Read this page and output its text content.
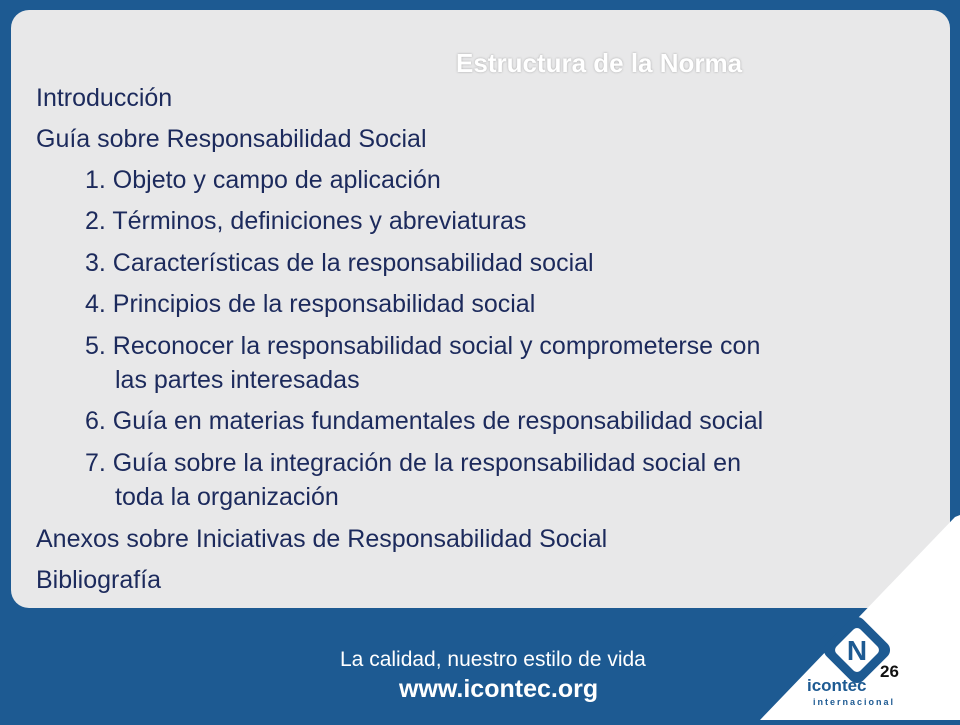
Estructura de la Norma

Introducción

Guía sobre Responsabilidad Social

1. Objeto y campo de aplicación

2. Términos, definiciones y abreviaturas

3. Características de la responsabilidad social

4. Principios de la responsabilidad social

5. Reconocer la responsabilidad social y comprometerse con

las partes interesadas

6. Guía en materias fundamentales de responsabilidad social

7. Guía sobre la integración de la responsabilidad social en

toda la organización

Anexos sobre Iniciativas de Responsabilidad Social

Bibliografía

La calidad, nuestro estilo de vida

www.icontec.org

N

icontec

internacional

26
